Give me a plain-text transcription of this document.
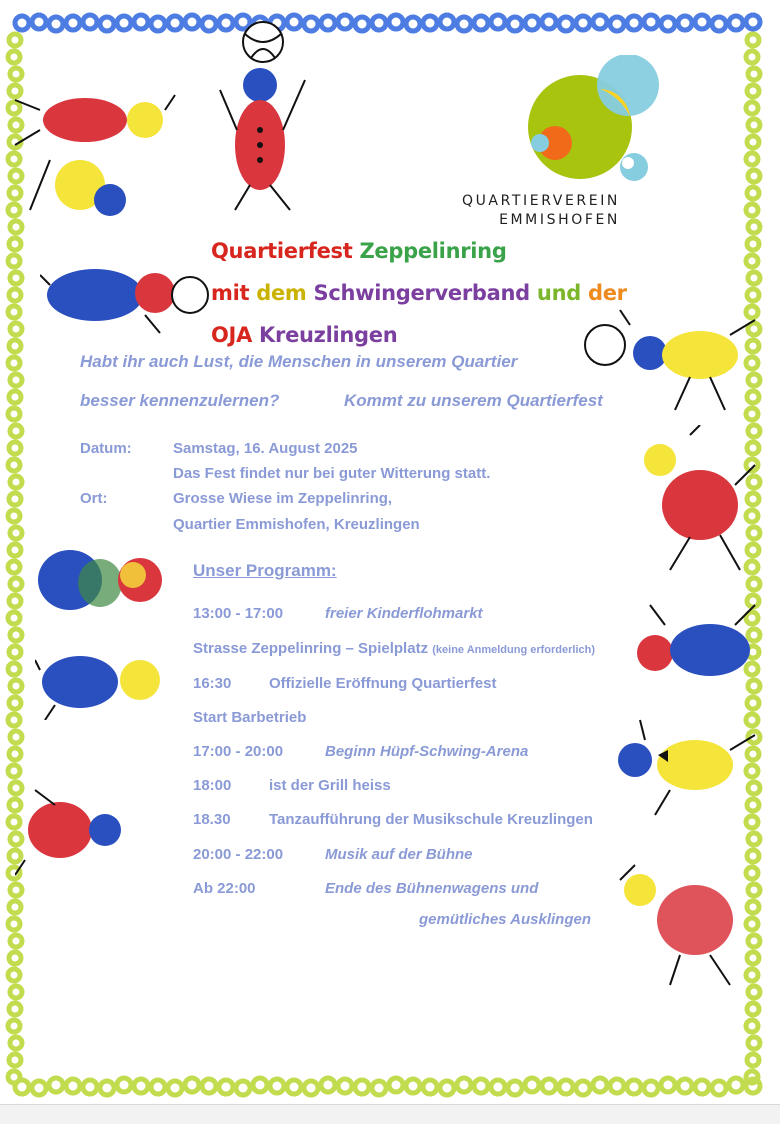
QUARTIERVEREIN
EMMISHOFEN
Quartierfest Zeppelinring
mit dem Schwingerverband und der
OJA Kreuzlingen
Habt ihr auch Lust, die Menschen in unserem Quartier
besser kennenzulernen?	Kommt zu unserem Quartierfest
Datum:	Samstag, 16. August 2025
Das Fest findet nur bei guter Witterung statt.
Ort:	Grosse Wiese im Zeppelinring,
Quartier Emmishofen, Kreuzlingen
Unser Programm:
13:00 - 17:00	freier Kinderflohmarkt
Strasse Zeppelinring – Spielplatz (keine Anmeldung erforderlich)
16:30	Offizielle Eröffnung Quartierfest
Start Barbetrieb
17:00 - 20:00	Beginn Hüpf-Schwing-Arena
18:00	ist der Grill heiss
18.30	Tanzaufführung der Musikschule Kreuzlingen
20:00 - 22:00	Musik auf der Bühne
Ab 22:00	Ende des Bühnenwagens und
gemütliches Ausklingen
